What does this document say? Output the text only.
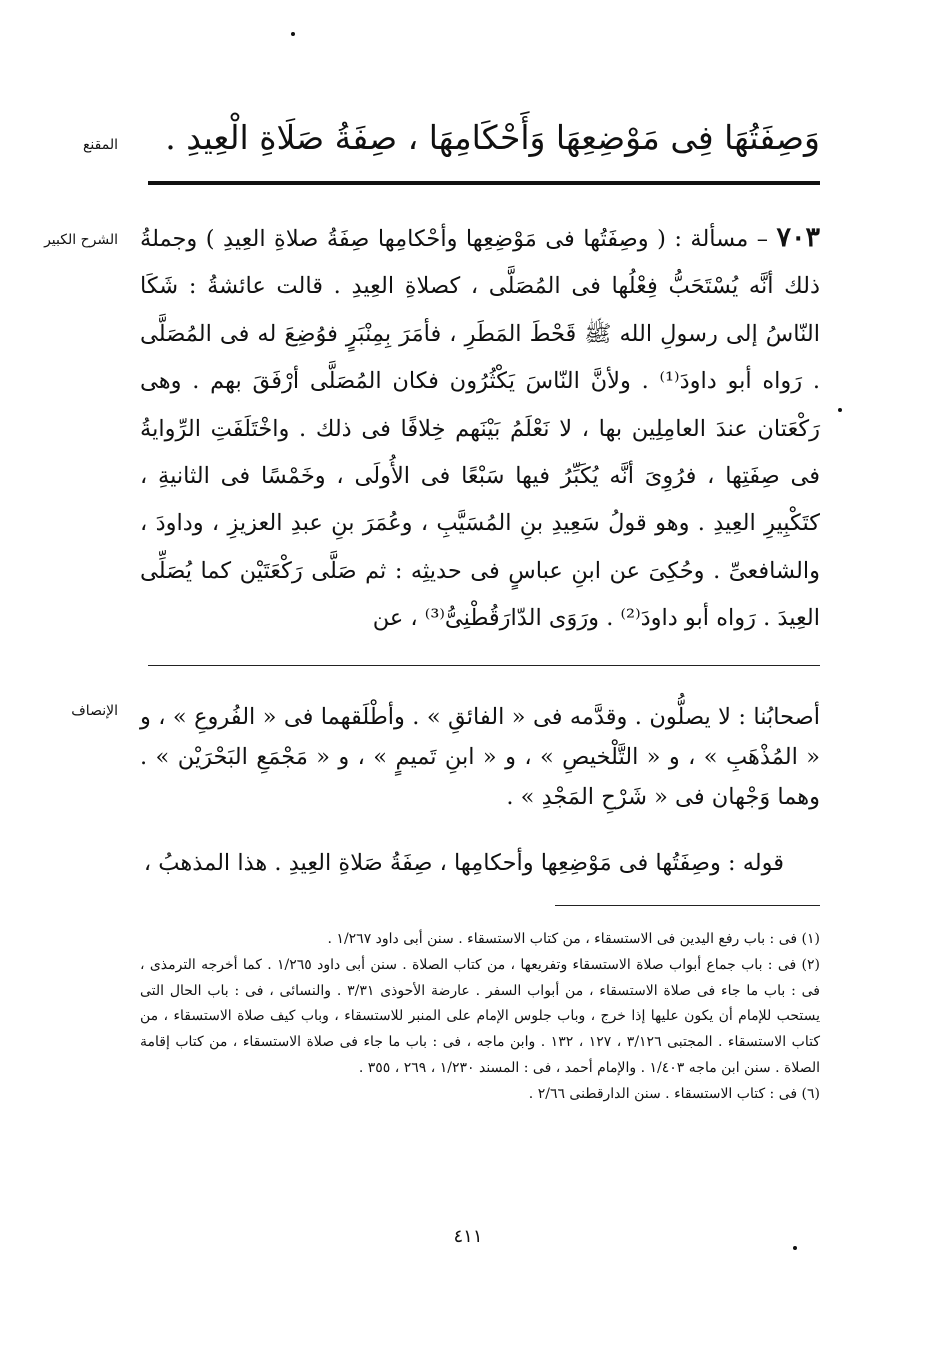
المقنع	وَصِفَتُهَا فِى مَوْضِعِهَا وَأَحْكَامِهَا ، صِفَةُ صَلَاةِ الْعِيدِ .
الشرح الكبير	٧٠٣ – مسألة : ( وصِفَتُها فى مَوْضِعِها وأحْكامِها صِفَةُ صلاةِ العِيدِ ) وجملةُ ذلك أنَّه يُسْتَحَبُّ فِعْلُها فى المُصَلَّى ، كصلاةِ العِيدِ . قالت عائشةُ : شَكَا النّاسُ إلى رسولِ الله ﷺ قَحْطَ المَطَرِ ، فأمَرَ بِمِنْبَرٍ فوُضِعَ له فى المُصَلَّى . رَواه أبو داودَ⁽¹⁾ . ولأنَّ النّاسَ يَكْثُرُون فكان المُصَلَّى أرْفَقَ بهم . وهى رَكْعَتان عندَ العامِلِين بها ، لا نَعْلَمُ بَيْنَهم خِلافًا فى ذلك . واخْتَلَفَتِ الرِّوايةُ فى صِفَتِها ، فرُوِىَ أنَّه يُكَبِّرُ فيها سَبْعًا فى الأُولَى ، وخَمْسًا فى الثانيةِ ، كتَكْبِيرِ العِيدِ . وهو قولُ سَعِيدِ بنِ المُسَيَّبِ ، وعُمَرَ بنِ عبدِ العزيزِ ، وداودَ ، والشافعىِّ . وحُكِىَ عن ابنِ عباسٍ فى حديثِه : ثم صَلَّى رَكْعَتَيْن كما يُصَلِّى العِيدَ . رَواه أبو داودَ⁽²⁾ . ورَوَى الدّارَقُطْنِىُّ⁽³⁾ ، عن
الإنصاف أصحابُنا : لا يصلُّون . وقدَّمه فى « الفائقِ » . وأطْلَقهما فى « الفُروعِ » ، و « المُذْهَبِ » ، و « التَّلْخيصِ » ، و « ابنِ تَميمٍ » ، و « مَجْمَعِ البَحْرَيْن » . وهما وَجْهان فى « شَرْحِ المَجْدِ » .
قوله : وصِفَتُها فى مَوْضِعِها وأحكامِها ، صِفَةُ صَلاةِ العِيدِ . هذا المذهبُ ،

(١) فى : باب رفع اليدين فى الاستسقاء ، من كتاب الاستسقاء . سنن أبى داود ١/٢٦٧ .

(٢) فى : باب جماع أبواب صلاة الاستسقاء وتفريعها ، من كتاب الصلاة . سنن أبى داود ١/٢٦٥ . كما أخرجه الترمذى ، فى : باب ما جاء فى صلاة الاستسقاء ، من أبواب السفر . عارضة الأحوذى ٣/٣١ . والنسائى ، فى : باب الحال التى يستحب للإمام أن يكون عليها إذا خرج ، وباب جلوس الإمام على المنبر للاستسقاء ، وباب كيف صلاة الاستسقاء ، من كتاب الاستسقاء . المجتبى ٣/١٢٦ ، ١٢٧ ، ١٣٢ . وابن ماجه ، فى : باب ما جاء فى صلاة الاستسقاء ، من كتاب إقامة الصلاة . سنن ابن ماجه ١/٤٠٣ . والإمام أحمد ، فى : المسند ١/٢٣٠ ، ٢٦٩ ، ٣٥٥ .

(٦) فى : كتاب الاستسقاء . سنن الدارقطنى ٢/٦٦ .

٤١١
